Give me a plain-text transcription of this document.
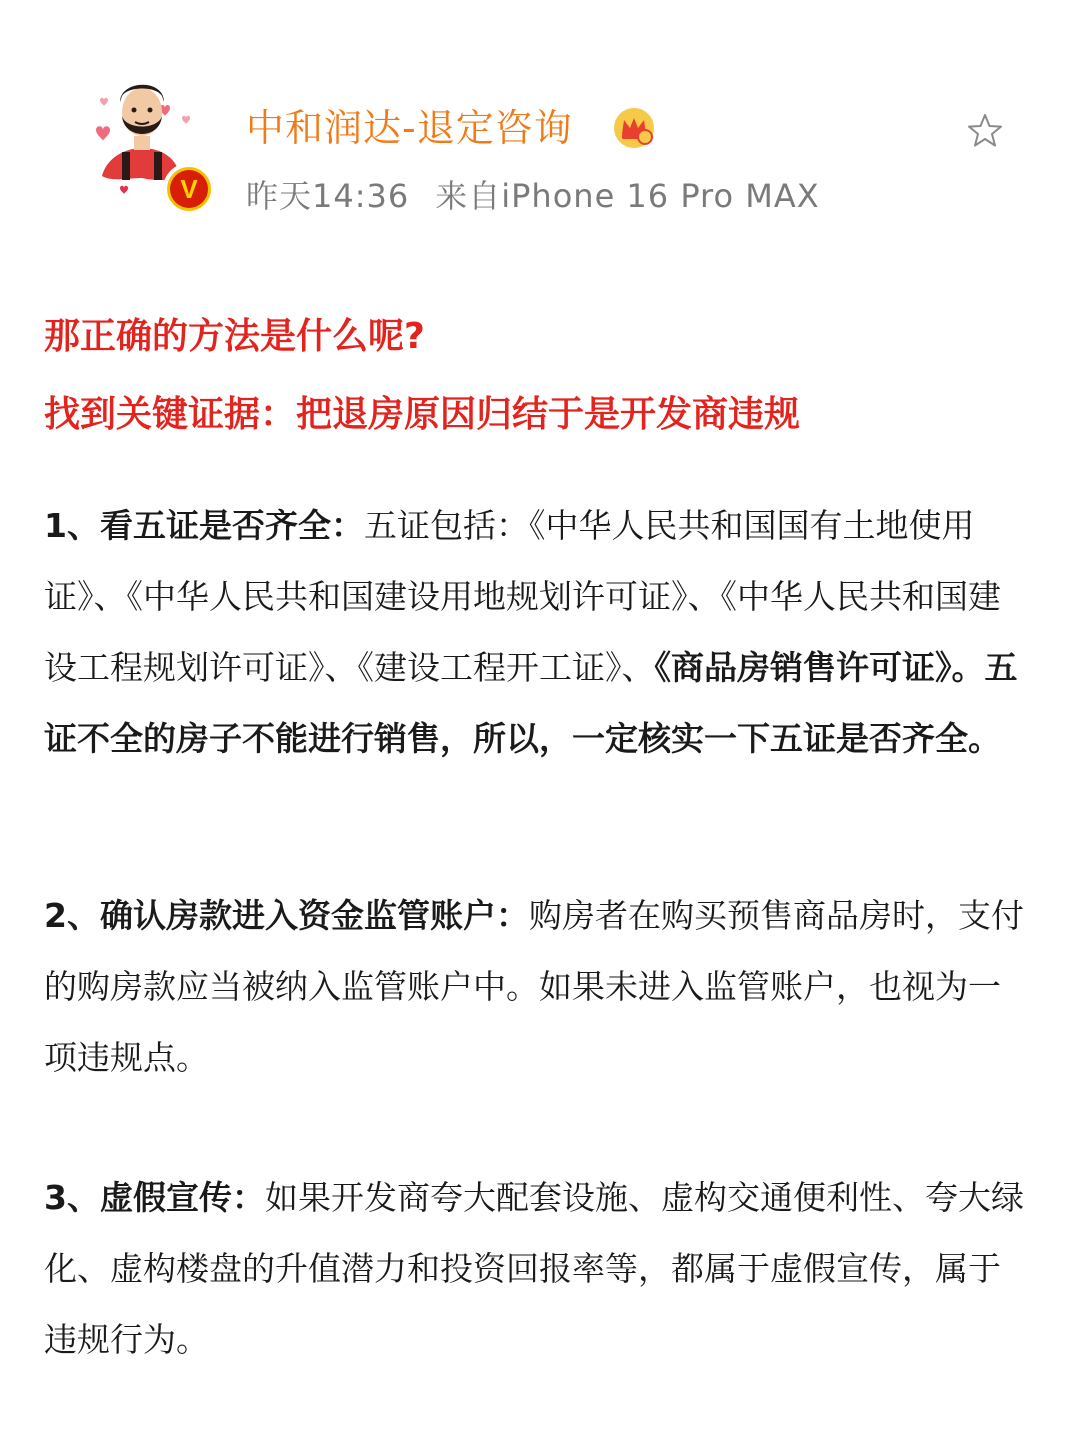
V
中和润达-退定咨询
昨天14:36 来自iPhone 16 Pro MAX
那正确的方法是什么呢?
找到关键证据：把退房原因归结于是开发商违规
1、看五证是否齐全：五证包括：《中华人民共和国国有土地使用证》、《中华人民共和国建设用地规划许可证》、《中华人民共和国建设工程规划许可证》、《建设工程开工证》、《商品房销售许可证》。五证不全的房子不能进行销售，所以，一定核实一下五证是否齐全。
2、确认房款进入资金监管账户：购房者在购买预售商品房时，支付的购房款应当被纳入监管账户中。如果未进入监管账户，也视为一项违规点。
3、虚假宣传：如果开发商夸大配套设施、虚构交通便利性、夸大绿化、虚构楼盘的升值潜力和投资回报率等，都属于虚假宣传，属于违规行为。
